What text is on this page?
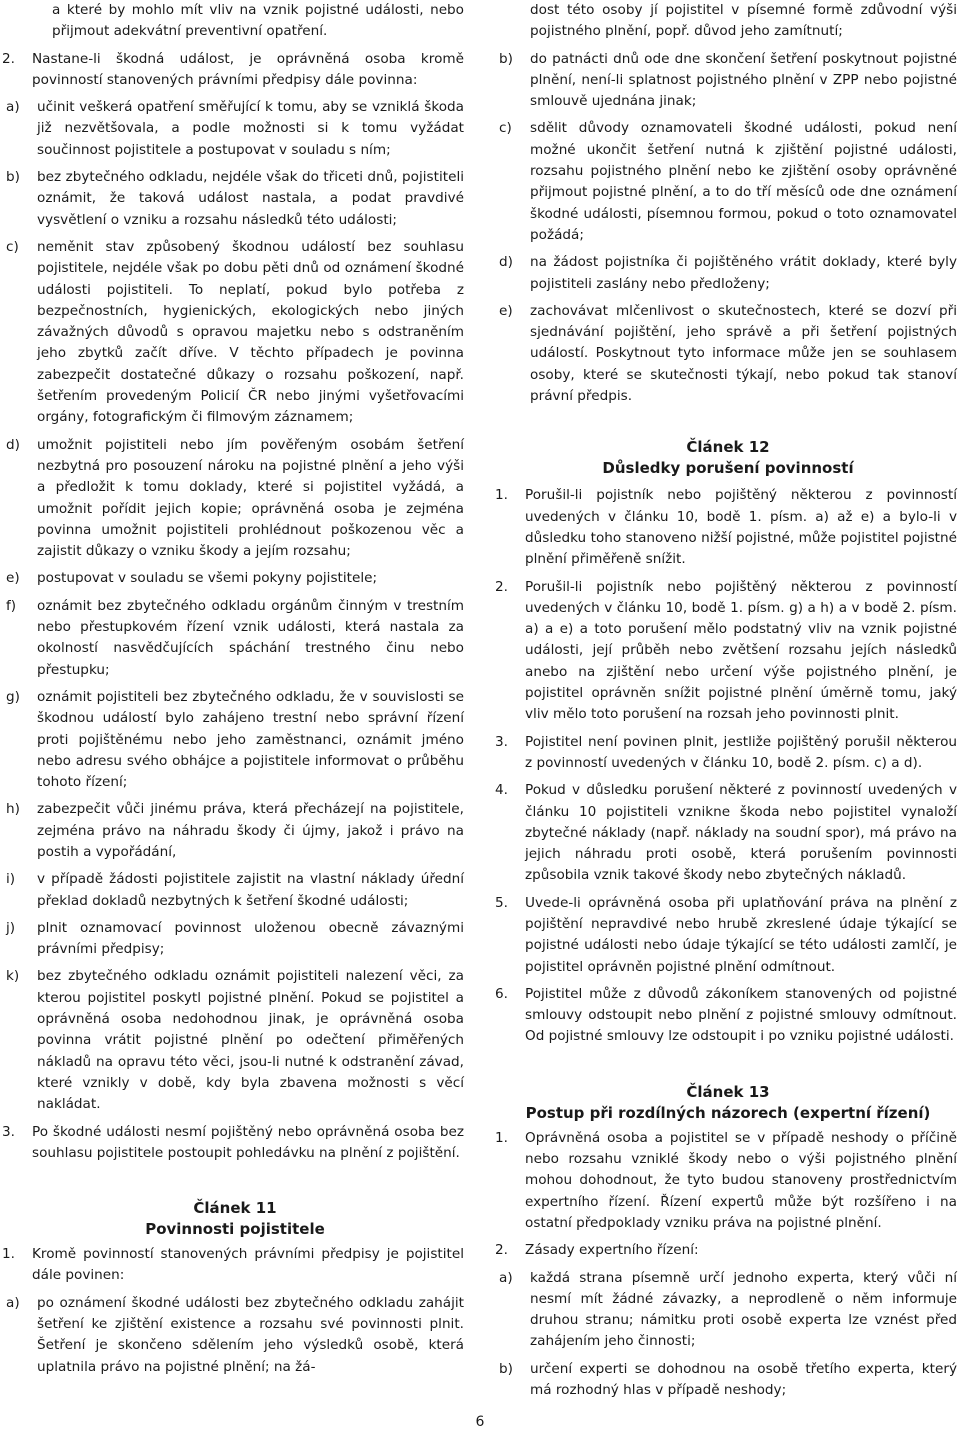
a které by mohlo mít vliv na vznik pojistné události, nebo přijmout adekvátní preventivní opatření.
2. Nastane-li škodná událost, je oprávněná osoba kromě povinností stanovených právními předpisy dále povinna:
a) učinit veškerá opatření směřující k tomu, aby se vzniklá škoda již nezvětšovala, a podle možnosti si k tomu vyžádat součinnost pojistitele a postupovat v souladu s ním;
b) bez zbytečného odkladu, nejdéle však do třiceti dnů, pojistiteli oznámit, že taková událost nastala, a podat pravdivé vysvětlení o vzniku a rozsahu následků této události;
c) neměnit stav způsobený škodnou událostí bez souhlasu pojistitele, nejdéle však po dobu pěti dnů od oznámení škodné události pojistiteli. To neplatí, pokud bylo potřeba z bezpečnostních, hygienických, ekologických nebo jiných závažných důvodů s opravou majetku nebo s odstraněním jeho zbytků začít dříve. V těchto případech je povinna zabezpečit dostatečné důkazy o rozsahu poškození, např. šetřením provedeným Policií ČR nebo jinými vyšetřovacími orgány, fotografickým či filmovým záznamem;
d) umožnit pojistiteli nebo jím pověřeným osobám šetření nezbytná pro posouzení nároku na pojistné plnění a jeho výši a předložit k tomu doklady, které si pojistitel vyžádá, a umožnit pořídit jejich kopie; oprávněná osoba je zejména povinna umožnit pojistiteli prohlédnout poškozenou věc a zajistit důkazy o vzniku škody a jejím rozsahu;
e) postupovat v souladu se všemi pokyny pojistitele;
f) oznámit bez zbytečného odkladu orgánům činným v trestním nebo přestupkovém řízení vznik události, která nastala za okolností nasvědčujících spáchání trestného činu nebo přestupku;
g) oznámit pojistiteli bez zbytečného odkladu, že v souvislosti se škodnou událostí bylo zahájeno trestní nebo správní řízení proti pojištěnému nebo jeho zaměstnanci, oznámit jméno nebo adresu svého obhájce a pojistitele informovat o průběhu tohoto řízení;
h) zabezpečit vůči jinému práva, která přecházejí na pojistitele, zejména právo na náhradu škody či újmy, jakož i právo na postih a vypořádání,
i) v případě žádosti pojistitele zajistit na vlastní náklady úřední překlad dokladů nezbytných k šetření škodné události;
j) plnit oznamovací povinnost uloženou obecně závaznými právními předpisy;
k) bez zbytečného odkladu oznámit pojistiteli nalezení věci, za kterou pojistitel poskytl pojistné plnění. Pokud se pojistitel a oprávněná osoba nedohodnou jinak, je oprávněná osoba povinna vrátit pojistné plnění po odečtení přiměřených nákladů na opravu této věci, jsou-li nutné k odstranění závad, které vznikly v době, kdy byla zbavena možnosti s věcí nakládat.
3. Po škodné události nesmí pojištěný nebo oprávněná osoba bez souhlasu pojistitele postoupit pohledávku na plnění z pojištění.
Článek 11
Povinnosti pojistitele
1. Kromě povinností stanovených právními předpisy je pojistitel dále povinen:
a) po oznámení škodné události bez zbytečného odkladu zahájit šetření ke zjištění existence a rozsahu své povinnosti plnit. Šetření je skončeno sdělením jeho výsledků osobě, která uplatnila právo na pojistné plnění; na žá-
dost této osoby jí pojistitel v písemné formě zdůvodní výši pojistného plnění, popř. důvod jeho zamítnutí;
b) do patnácti dnů ode dne skončení šetření poskytnout pojistné plnění, není-li splatnost pojistného plnění v ZPP nebo pojistné smlouvě ujednána jinak;
c) sdělit důvody oznamovateli škodné události, pokud není možné ukončit šetření nutná k zjištění pojistné události, rozsahu pojistného plnění nebo ke zjištění osoby oprávněné přijmout pojistné plnění, a to do tří měsíců ode dne oznámení škodné události, písemnou formou, pokud o toto oznamovatel požádá;
d) na žádost pojistníka či pojištěného vrátit doklady, které byly pojistiteli zaslány nebo předloženy;
e) zachovávat mlčenlivost o skutečnostech, které se dozví při sjednávání pojištění, jeho správě a při šetření pojistných událostí. Poskytnout tyto informace může jen se souhlasem osoby, které se skutečnosti týkají, nebo pokud tak stanoví právní předpis.
Článek 12
Důsledky porušení povinností
1. Porušil-li pojistník nebo pojištěný některou z povinností uvedených v článku 10, bodě 1. písm. a) až e) a bylo-li v důsledku toho stanoveno nižší pojistné, může pojistitel pojistné plnění přiměřeně snížit.
2. Porušil-li pojistník nebo pojištěný některou z povinností uvedených v článku 10, bodě 1. písm. g) a h) a v bodě 2. písm. a) a e) a toto porušení mělo podstatný vliv na vznik pojistné události, její průběh nebo zvětšení rozsahu jejích následků anebo na zjištění nebo určení výše pojistného plnění, je pojistitel oprávněn snížit pojistné plnění úměrně tomu, jaký vliv mělo toto porušení na rozsah jeho povinnosti plnit.
3. Pojistitel není povinen plnit, jestliže pojištěný porušil některou z povinností uvedených v článku 10, bodě 2. písm. c) a d).
4. Pokud v důsledku porušení některé z povinností uvedených v článku 10 pojistiteli vznikne škoda nebo pojistitel vynaloží zbytečné náklady (např. náklady na soudní spor), má právo na jejich náhradu proti osobě, která porušením povinnosti způsobila vznik takové škody nebo zbytečných nákladů.
5. Uvede-li oprávněná osoba při uplatňování práva na plnění z pojištění nepravdivé nebo hrubě zkreslené údaje týkající se pojistné události nebo údaje týkající se této události zamlčí, je pojistitel oprávněn pojistné plnění odmítnout.
6. Pojistitel může z důvodů zákoníkem stanovených od pojistné smlouvy odstoupit nebo plnění z pojistné smlouvy odmítnout. Od pojistné smlouvy lze odstoupit i po vzniku pojistné události.
Článek 13
Postup při rozdílných názorech (expertní řízení)
1. Oprávněná osoba a pojistitel se v případě neshody o příčině nebo rozsahu vzniklé škody nebo o výši pojistného plnění mohou dohodnout, že tyto budou stanoveny prostřednictvím expertního řízení. Řízení expertů může být rozšířeno i na ostatní předpoklady vzniku práva na pojistné plnění.
2. Zásady expertního řízení:
a) každá strana písemně určí jednoho experta, který vůči ní nesmí mít žádné závazky, a neprodleně o něm informuje druhou stranu; námitku proti osobě experta lze vznést před zahájením jeho činnosti;
b) určení experti se dohodnou na osobě třetího experta, který má rozhodný hlas v případě neshody;
6
